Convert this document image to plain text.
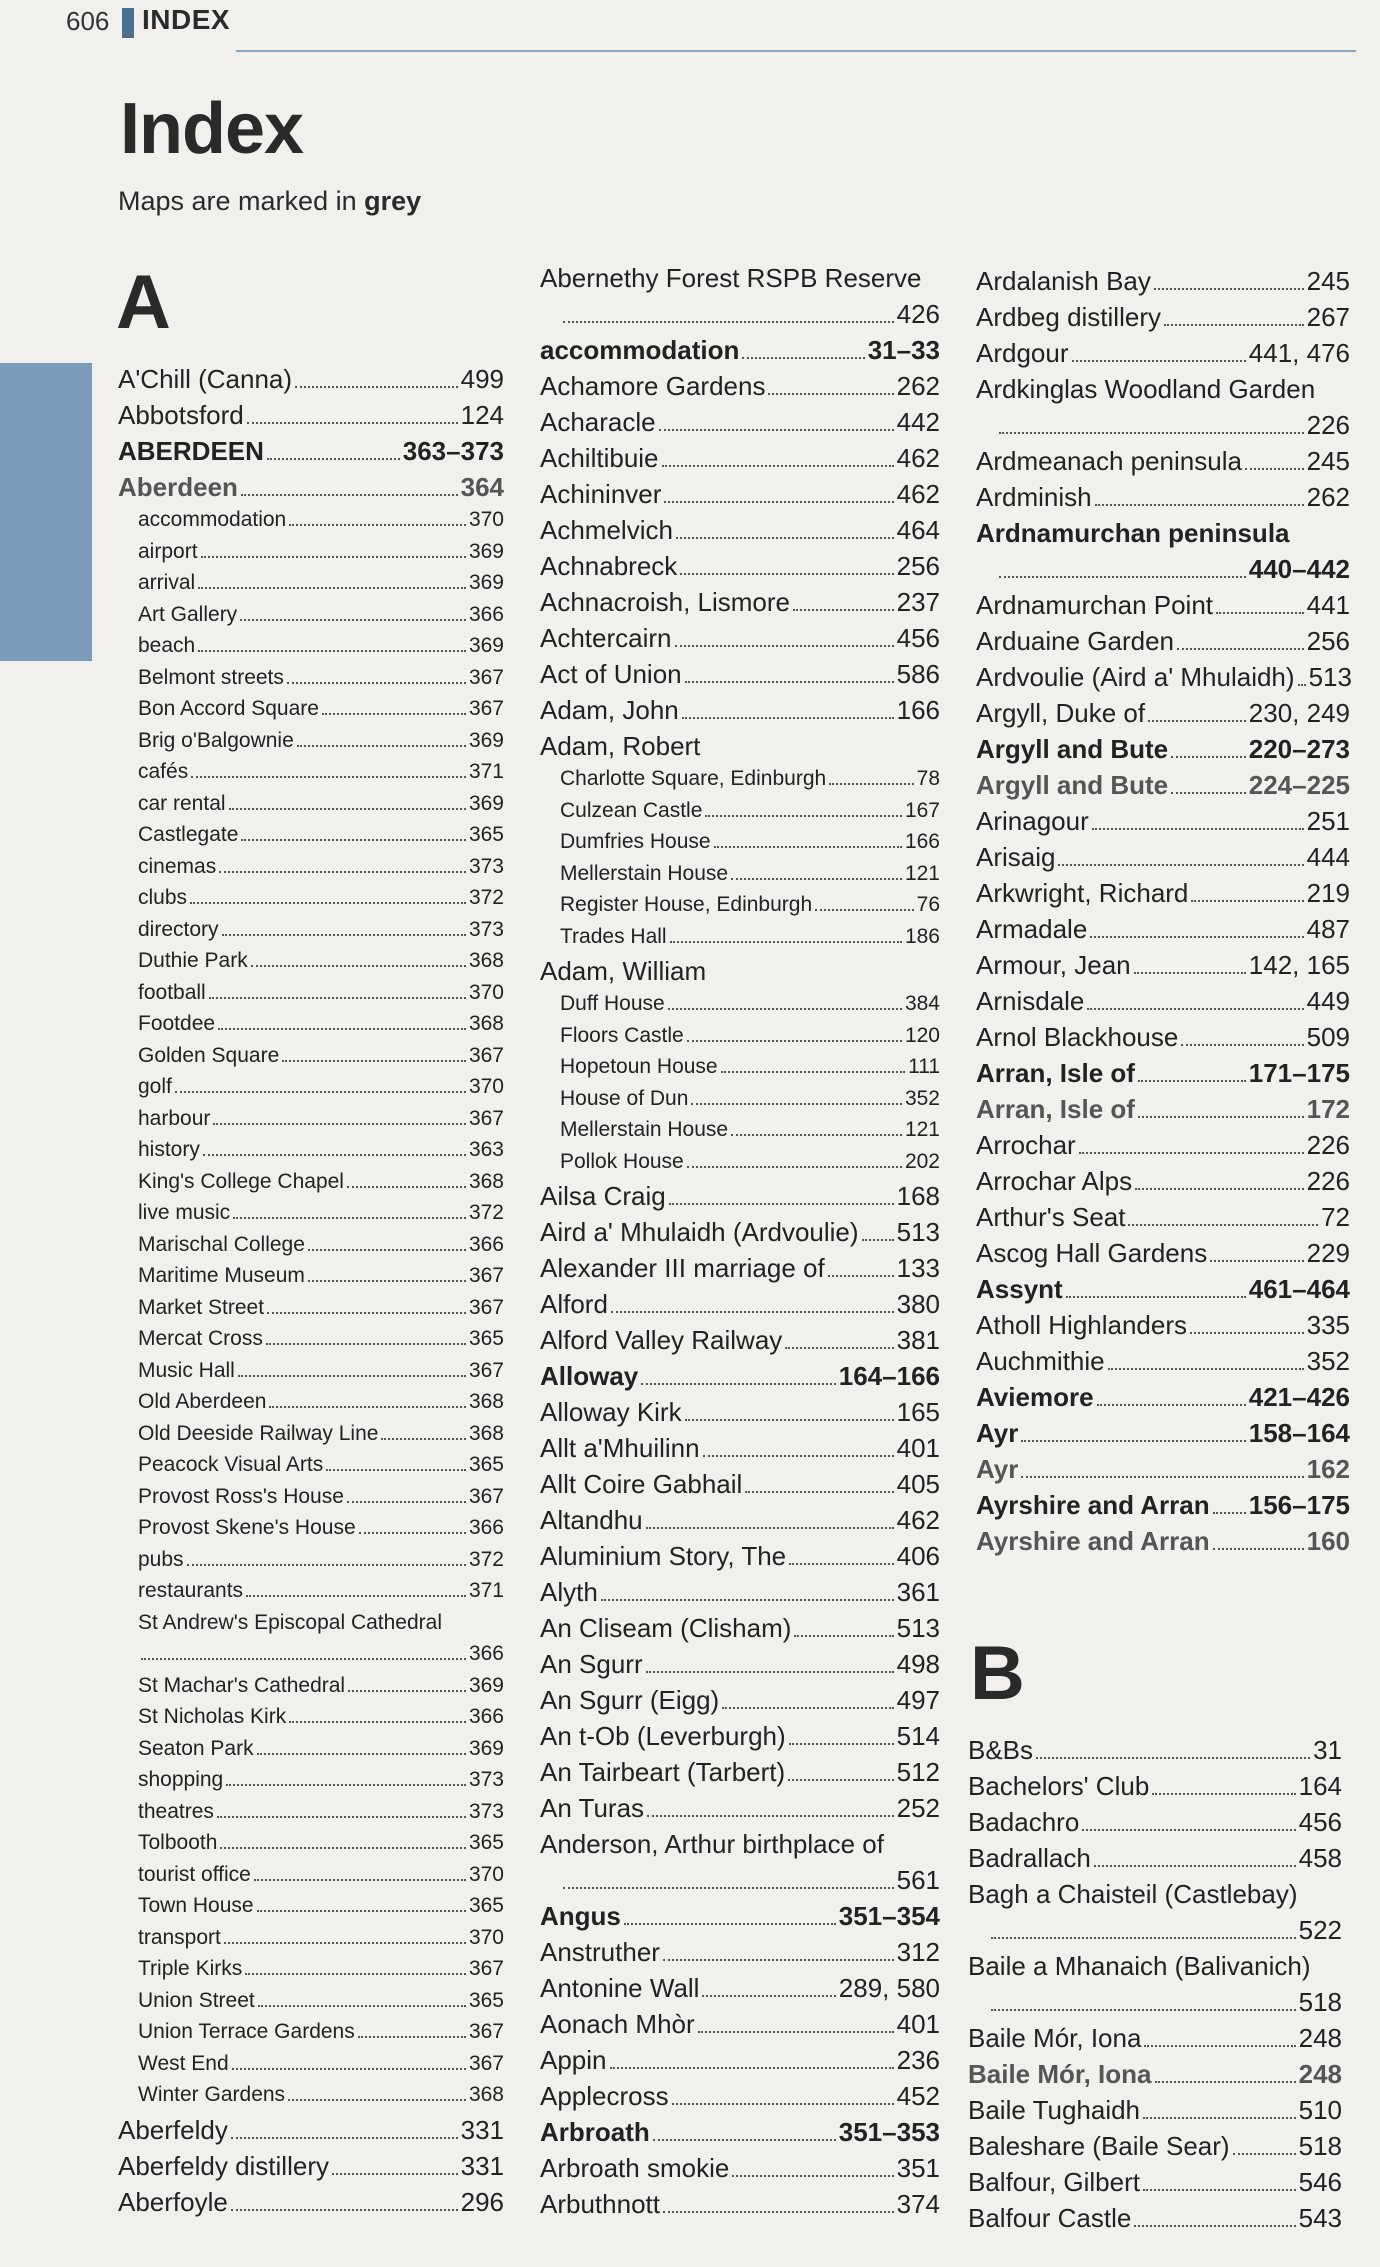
606 INDEX
Index
Maps are marked in grey
A
B
A'Chill (Canna)	499
Abbotsford	124
ABERDEEN	363–373
Aberdeen	364
accommodation	370
airport	369
arrival	369
Art Gallery	366
beach	369
Belmont streets	367
Bon Accord Square	367
Brig o'Balgownie	369
cafés	371
car rental	369
Castlegate	365
cinemas	373
clubs	372
directory	373
Duthie Park	368
football	370
Footdee	368
Golden Square	367
golf	370
harbour	367
history	363
King's College Chapel	368
live music	372
Marischal College	366
Maritime Museum	367
Market Street	367
Mercat Cross	365
Music Hall	367
Old Aberdeen	368
Old Deeside Railway Line	368
Peacock Visual Arts	365
Provost Ross's House	367
Provost Skene's House	366
pubs	372
restaurants	371
St Andrew's Episcopal Cathedral
366
St Machar's Cathedral	369
St Nicholas Kirk	366
Seaton Park	369
shopping	373
theatres	373
Tolbooth	365
tourist office	370
Town House	365
transport	370
Triple Kirks	367
Union Street	365
Union Terrace Gardens	367
West End	367
Winter Gardens	368
Aberfeldy	331
Aberfeldy distillery	331
Aberfoyle	296
Abernethy Forest RSPB Reserve
426
accommodation	31–33
Achamore Gardens	262
Acharacle	442
Achiltibuie	462
Achininver	462
Achmelvich	464
Achnabreck	256
Achnacroish, Lismore	237
Achtercairn	456
Act of Union	586
Adam, John	166
Adam, Robert
Charlotte Square, Edinburgh	78
Culzean Castle	167
Dumfries House	166
Mellerstain House	121
Register House, Edinburgh	76
Trades Hall	186
Adam, William
Duff House	384
Floors Castle	120
Hopetoun House	111
House of Dun	352
Mellerstain House	121
Pollok House	202
Ailsa Craig	168
Aird a' Mhulaidh (Ardvoulie) 513
Alexander III marriage of	133
Alford	380
Alford Valley Railway	381
Alloway	164–166
Alloway Kirk	165
Allt a'Mhuilinn	401
Allt Coire Gabhail	405
Altandhu	462
Aluminium Story, The	406
Alyth	361
An Cliseam (Clisham)	513
An Sgurr	498
An Sgurr (Eigg)	497
An t-Ob (Leverburgh)	514
An Tairbeart (Tarbert)	512
An Turas	252
Anderson, Arthur birthplace of
561
Angus	351–354
Anstruther	312
Antonine Wall	289, 580
Aonach Mhòr	401
Appin	236
Applecross	452
Arbroath	351–353
Arbroath smokie	351
Arbuthnott	374
Ardalanish Bay	245
Ardbeg distillery	267
Ardgour	441, 476
Ardkinglas Woodland Garden
226
Ardmeanach peninsula 245
Ardminish	262
Ardnamurchan peninsula
440–442
Ardnamurchan Point	441
Arduaine Garden	256
Ardvoulie (Aird a' Mhulaidh) 513
Argyll, Duke of	230, 249
Argyll and Bute	220–273
Argyll and Bute	224–225
Arinagour	251
Arisaig	444
Arkwright, Richard	219
Armadale	487
Armour, Jean	142, 165
Arnisdale	449
Arnol Blackhouse	509
Arran, Isle of	171–175
Arran, Isle of	172
Arrochar	226
Arrochar Alps	226
Arthur's Seat	72
Ascog Hall Gardens	229
Assynt	461–464
Atholl Highlanders	335
Auchmithie	352
Aviemore	421–426
Ayr	158–164
Ayr	162
Ayrshire and Arran 156–175
Ayrshire and Arran	160
B&Bs	31
Bachelors' Club	164
Badachro	456
Badrallach	458
Bagh a Chaisteil (Castlebay)
522
Baile a Mhanaich (Balivanich)
518
Baile Mór, Iona	248
Baile Mór, Iona	248
Baile Tughaidh	510
Baleshare (Baile Sear)	518
Balfour, Gilbert	546
Balfour Castle	543
